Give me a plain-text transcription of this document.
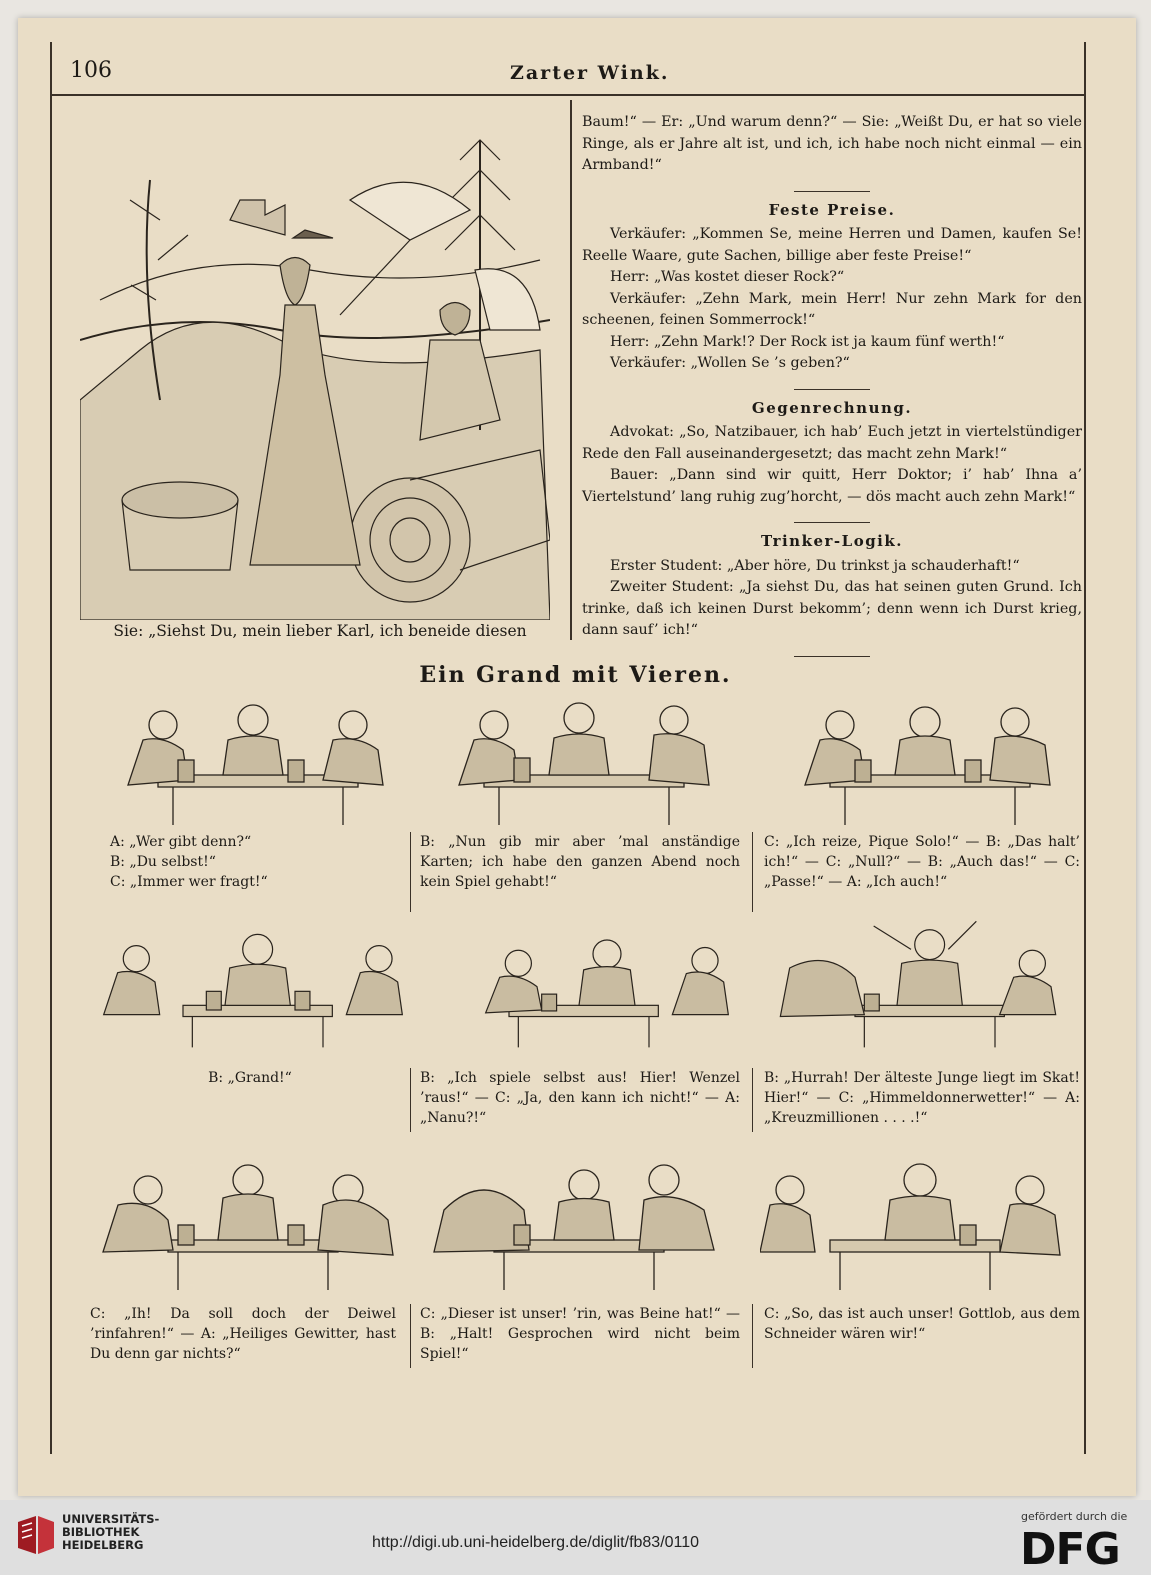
106	Zarter Wink.
Sie: „Siehst Du, mein lieber Karl, ich beneide diesen

Baum!“ — Er: „Und warum denn?“ — Sie: „Weißt Du, er hat so viele Ringe, als er Jahre alt ist, und ich, ich habe noch nicht einmal — ein Armband!“

Feste Preise.

Verkäufer: „Kommen Se, meine Herren und Damen, kaufen Se! Reelle Waare, gute Sachen, billige aber feste Preise!“

Herr: „Was kostet dieser Rock?“

Verkäufer: „Zehn Mark, mein Herr! Nur zehn Mark for den scheenen, feinen Sommerrock!“

Herr: „Zehn Mark!? Der Rock ist ja kaum fünf werth!“

Verkäufer: „Wollen Se ’s geben?“

Gegenrechnung.

Advokat: „So, Natzibauer, ich hab’ Euch jetzt in viertelstündiger Rede den Fall auseinandergesetzt; das macht zehn Mark!“

Bauer: „Dann sind wir quitt, Herr Doktor; i’ hab’ Ihna a’ Viertelstund’ lang ruhig zug’horcht, — dös macht auch zehn Mark!“

Trinker-Logik.

Erster Student: „Aber höre, Du trinkst ja schauderhaft!“

Zweiter Student: „Ja siehst Du, das hat seinen guten Grund. Ich trinke, daß ich keinen Durst bekomm’; denn wenn ich Durst krieg, dann sauf’ ich!“

Ein Grand mit Vieren.
A: „Wer gibt denn?“
B: „Du selbst!“
C: „Immer wer fragt!“
B: „Nun gib mir aber ’mal anständige Karten; ich habe den ganzen Abend noch kein Spiel gehabt!“
C: „Ich reize, Pique Solo!“ — B: „Das halt’ ich!“ — C: „Null?“ — B: „Auch das!“ — C: „Passe!“ — A: „Ich auch!“
B: „Grand!“	B: „Ich spiele selbst aus! Hier! Wenzel ’raus!“ — C: „Ja, den kann ich nicht!“ — A: „Nanu?!“
B: „Hurrah! Der älteste Junge liegt im Skat! Hier!“ — C: „Himmeldonnerwetter!“ — A: „Kreuzmillionen . . . .!“
C: „Ih! Da soll doch der Deiwel ’rinfahren!“ — A: „Heiliges Gewitter, hast Du denn gar nichts?“
C: „Dieser ist unser! ’rin, was Beine hat!“ — B: „Halt! Gesprochen wird nicht beim Spiel!“
C: „So, das ist auch unser! Gottlob, aus dem Schneider wären wir!“
UNIVERSITÄTS-
BIBLIOTHEK
HEIDELBERG	http://digi.ub.uni-heidelberg.de/diglit/fb83/0110
gefördert durch die
DFG
